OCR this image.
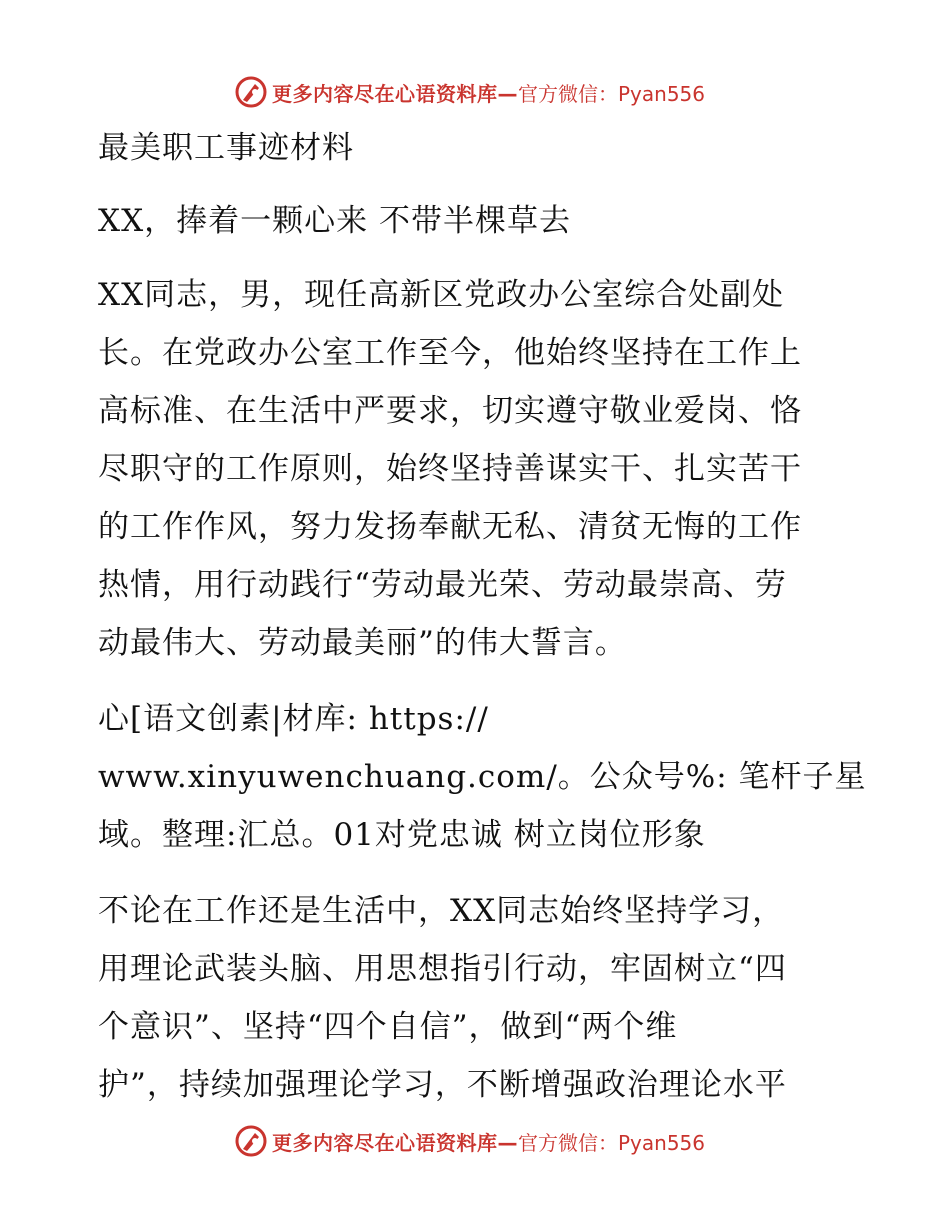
更多内容尽在心语资料库— 官方微信：Pyan556
最美职工事迹材料
XX，捧着一颗心来 不带半棵草去
XX同志，男，现任高新区党政办公室综合处副处
长。在党政办公室工作至今，他始终坚持在工作上
高标准、在生活中严要求，切实遵守敬业爱岗、恪
尽职守的工作原则，始终坚持善谋实干、扎实苦干
的工作作风，努力发扬奉献无私、清贫无悔的工作
热情，用行动践行“劳动最光荣、劳动最崇高、劳
动最伟大、劳动最美丽”的伟大誓言。
心[语文创素|材库: https://
www.xinyuwenchuang.com/。公众号%: 笔杆子星
域。整理:汇总。01对党忠诚 树立岗位形象
不论在工作还是生活中，XX同志始终坚持学习，
用理论武装头脑、用思想指引行动，牢固树立“四
个意识”、坚持“四个自信”，做到“两个维
护”，持续加强理论学习，不断增强政治理论水平
更多内容尽在心语资料库— 官方微信：Pyan556
